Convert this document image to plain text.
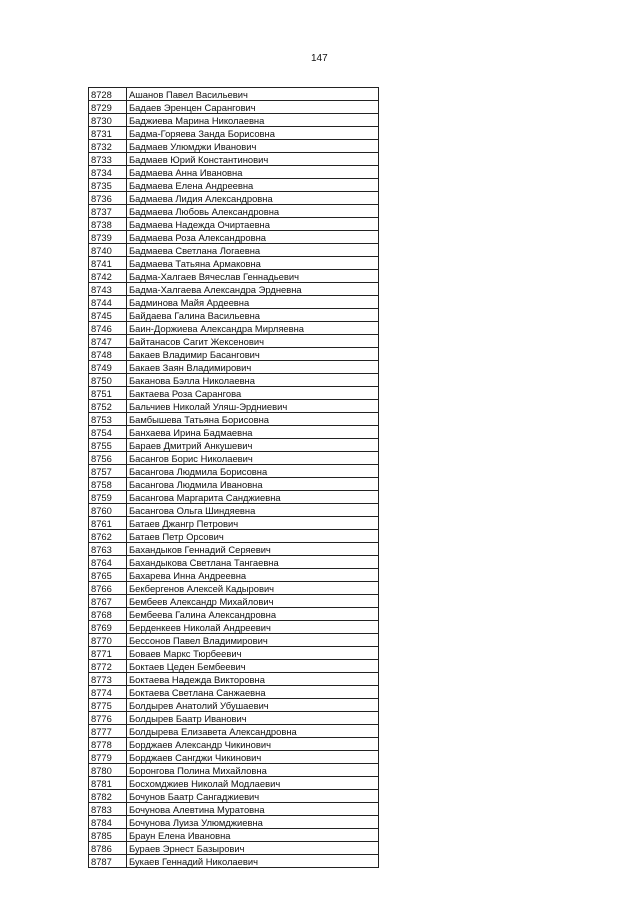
147
8728	Ашанов Павел Васильевич
8729	Бадаев Эренцен Сарангович
8730	Баджиева Марина Николаевна
8731	Бадма-Горяева Занда Борисовна
8732	Бадмаев Улюмджи Иванович
8733	Бадмаев Юрий Константинович
8734	Бадмаева Анна Ивановна
8735	Бадмаева Елена Андреевна
8736	Бадмаева Лидия Александровна
8737	Бадмаева Любовь Александровна
8738	Бадмаева Надежда Очиртаевна
8739	Бадмаева Роза Александровна
8740	Бадмаева Светлана Логаевна
8741	Бадмаева Татьяна Армаковна
8742	Бадма-Халгаев Вячеслав Геннадьевич
8743	Бадма-Халгаева Александра Эрдневна
8744	Бадминова Майя Ардеевна
8745	Байдаева Галина Васильевна
8746	Баин-Доржиева Александра Мирляевна
8747	Байтанасов Сагит Жексенович
8748	Бакаев Владимир Басангович
8749	Бакаев Заян Владимирович
8750	Баканова Бэлла Николаевна
8751	Бактаева Роза Сарангова
8752	Бальчиев Николай Уляш-Эрдниевич
8753	Бамбышева Татьяна Борисовна
8754	Банхаева Ирина Бадмаевна
8755	Бараев Дмитрий Анкушевич
8756	Басангов Борис Николаевич
8757	Басангова Людмила Борисовна
8758	Басангова Людмила Ивановна
8759	Басангова Маргарита Санджиевна
8760	Басангова Ольга Шиндяевна
8761	Батаев Джангр Петрович
8762	Батаев Петр Орсович
8763	Бахандыков Геннадий Серяевич
8764	Бахандыкова Светлана Тангаевна
8765	Бахарева Инна Андреевна
8766	Бекбергенов Алексей Кадырович
8767	Бембеев Александр Михайлович
8768	Бембеева Галина Александровна
8769	Берденкеев Николай Андреевич
8770	Бессонов Павел Владимирович
8771	Боваев Маркс Тюрбеевич
8772	Боктаев Цеден Бембеевич
8773	Боктаева Надежда Викторовна
8774	Боктаева Светлана Санжаевна
8775	Болдырев Анатолий Убушаевич
8776	Болдырев Баатр Иванович
8777	Болдырева Елизавета Александровна
8778	Борджаев Александр Чикинович
8779	Борджаев Сангджи Чикинович
8780	Боронгова Полина Михайловна
8781	Босхомджиев Николай Модлаевич
8782	Бочунов Баатр Сангаджиевич
8783	Бочунова Алевтина Муратовна
8784	Бочунова Луиза Улюмджиевна
8785	Браун Елена Ивановна
8786	Бураев Эрнест Базырович
8787	Букаев Геннадий Николаевич
